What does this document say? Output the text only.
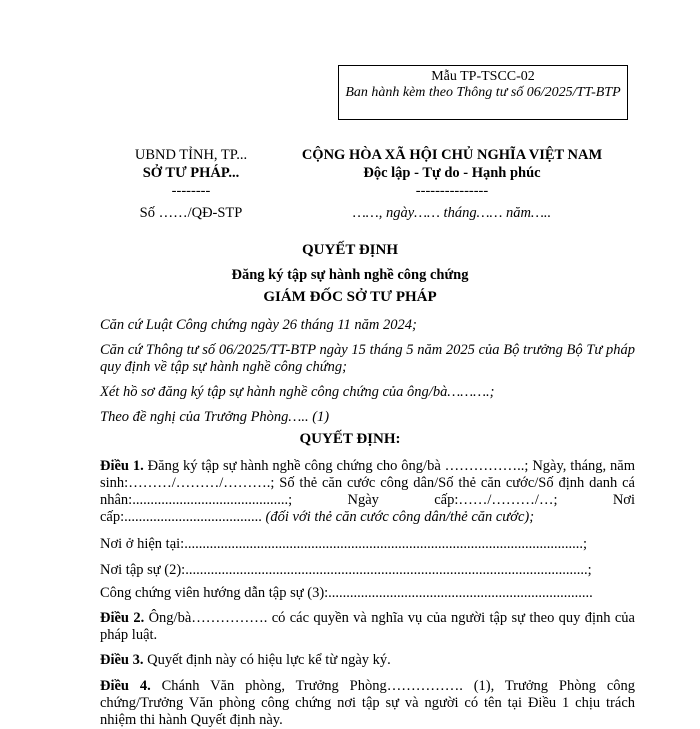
Mẫu TP-TSCC-02
Ban hành kèm theo Thông tư số 06/2025/TT-BTP
UBND TỈNH, TP...
SỞ TƯ PHÁP...
--------
Số ……/QĐ-STP
CỘNG HÒA XÃ HỘI CHỦ NGHĨA VIỆT NAM
Độc lập - Tự do - Hạnh phúc
---------------
……, ngày…… tháng…… năm…..
QUYẾT ĐỊNH
Đăng ký tập sự hành nghề công chứng
GIÁM ĐỐC SỞ TƯ PHÁP
Căn cứ Luật Công chứng ngày 26 tháng 11 năm 2024;
Căn cứ Thông tư số 06/2025/TT-BTP ngày 15 tháng 5 năm 2025 của Bộ trưởng Bộ Tư pháp quy định về tập sự hành nghề công chứng;
Xét hồ sơ đăng ký tập sự hành nghề công chứng của ông/bà……….;
Theo đề nghị của Trưởng Phòng….. (1)
QUYẾT ĐỊNH:
Điều 1. Đăng ký tập sự hành nghề công chứng cho ông/bà ……………..; Ngày, tháng, năm sinh:………/………/……….; Số thẻ căn cước công dân/Số thẻ căn cước/Số định danh cá nhân:...........................................; Ngày cấp:……/………/…; Nơi cấp:...................................... (đối với thẻ căn cước công dân/thẻ căn cước);
Nơi ở hiện tại:..............................................................................................................;
Nơi tập sự (2):...............................................................................................................;
Công chứng viên hướng dẫn tập sự (3):.........................................................................
Điều 2. Ông/bà……………. có các quyền và nghĩa vụ của người tập sự theo quy định của pháp luật.
Điều 3. Quyết định này có hiệu lực kể từ ngày ký.
Điều 4. Chánh Văn phòng, Trưởng Phòng……………. (1), Trưởng Phòng công chứng/Trưởng Văn phòng công chứng nơi tập sự và người có tên tại Điều 1 chịu trách nhiệm thi hành Quyết định này.
